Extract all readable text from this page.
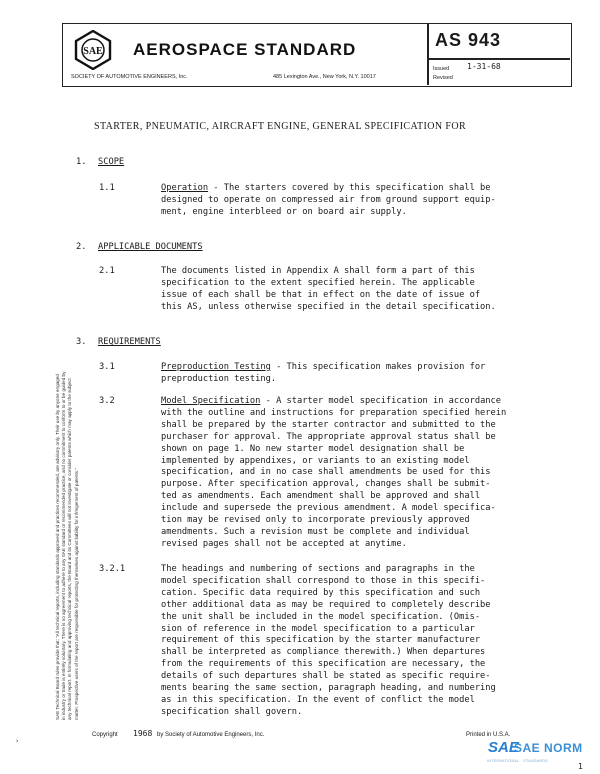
SAE AEROSPACE STANDARD
SOCIETY OF AUTOMOTIVE ENGINEERS, Inc.	485 Lexington Ave., New York, N.Y. 10017
AS 943
Issued 1-31-68
Revised
SAE Technical Board rules provide that: "All technical reports, including standards approved and practices recommended, are advisory only. Their use by anyone engaged in industry or trade is entirely voluntary. There is no agreement to adhere to any SAE standard or recommended practice, and no commitment to conform to or be guided by any technical report. In formulating and approving technical reports, the Board and its Committees will not investigate or consider patents which may apply to the subject matter. Prospective users of the report are responsible for protecting themselves against liability for infringement of patents."
STARTER, PNEUMATIC, AIRCRAFT ENGINE, GENERAL SPECIFICATION FOR
1. SCOPE
1.1	Operation - The starters covered by this specification shall be
designed to operate on compressed air from ground support equip-
ment, engine interbleed or on board air supply.
2. APPLICABLE DOCUMENTS
2.1	The documents listed in Appendix A shall form a part of this
specification to the extent specified herein. The applicable
issue of each shall be that in effect on the date of issue of
this AS, unless otherwise specified in the detail specification.
3. REQUIREMENTS
3.1	Preproduction Testing - This specification makes provision for
preproduction testing.
3.2	Model Specification - A starter model specification in accordance
with the outline and instructions for preparation specified herein
shall be prepared by the starter contractor and submitted to the
purchaser for approval. The appropriate approval status shall be
shown on page 1. No new starter model designation shall be
implemented by appendixes, or variants to an existing model
specification, and in no case shall amendments be used for this
purpose. After specification approval, changes shall be submit-
ted as amendments. Each amendment shall be approved and shall
include and supersede the previous amendment. A model specifica-
tion may be revised only to incorporate previously approved
amendments. Such a revision must be complete and individual
revised pages shall not be accepted at anytime.
3.2.1	The headings and numbering of sections and paragraphs in the
model specification shall correspond to those in this specifi-
cation. Specific data required by this specification and such
other additional data as may be required to completely describe
the unit shall be included in the model specification. (Omis-
sion of reference in the model specification to a particular
requirement of this specification by the starter manufacturer
shall be interpreted as compliance therewith.) When departures
from the requirements of this specification are necessary, the
details of such departures shall be stated as specific require-
ments bearing the same section, paragraph heading, and numbering
as in this specification. In the event of conflict the model
specification shall govern.
›
Copyright 1968 by Society of Automotive Engineers, Inc.	Printed in U.S.A.
SAE
SAE NORM
INTERNATIONAL · STANDARDS
1
